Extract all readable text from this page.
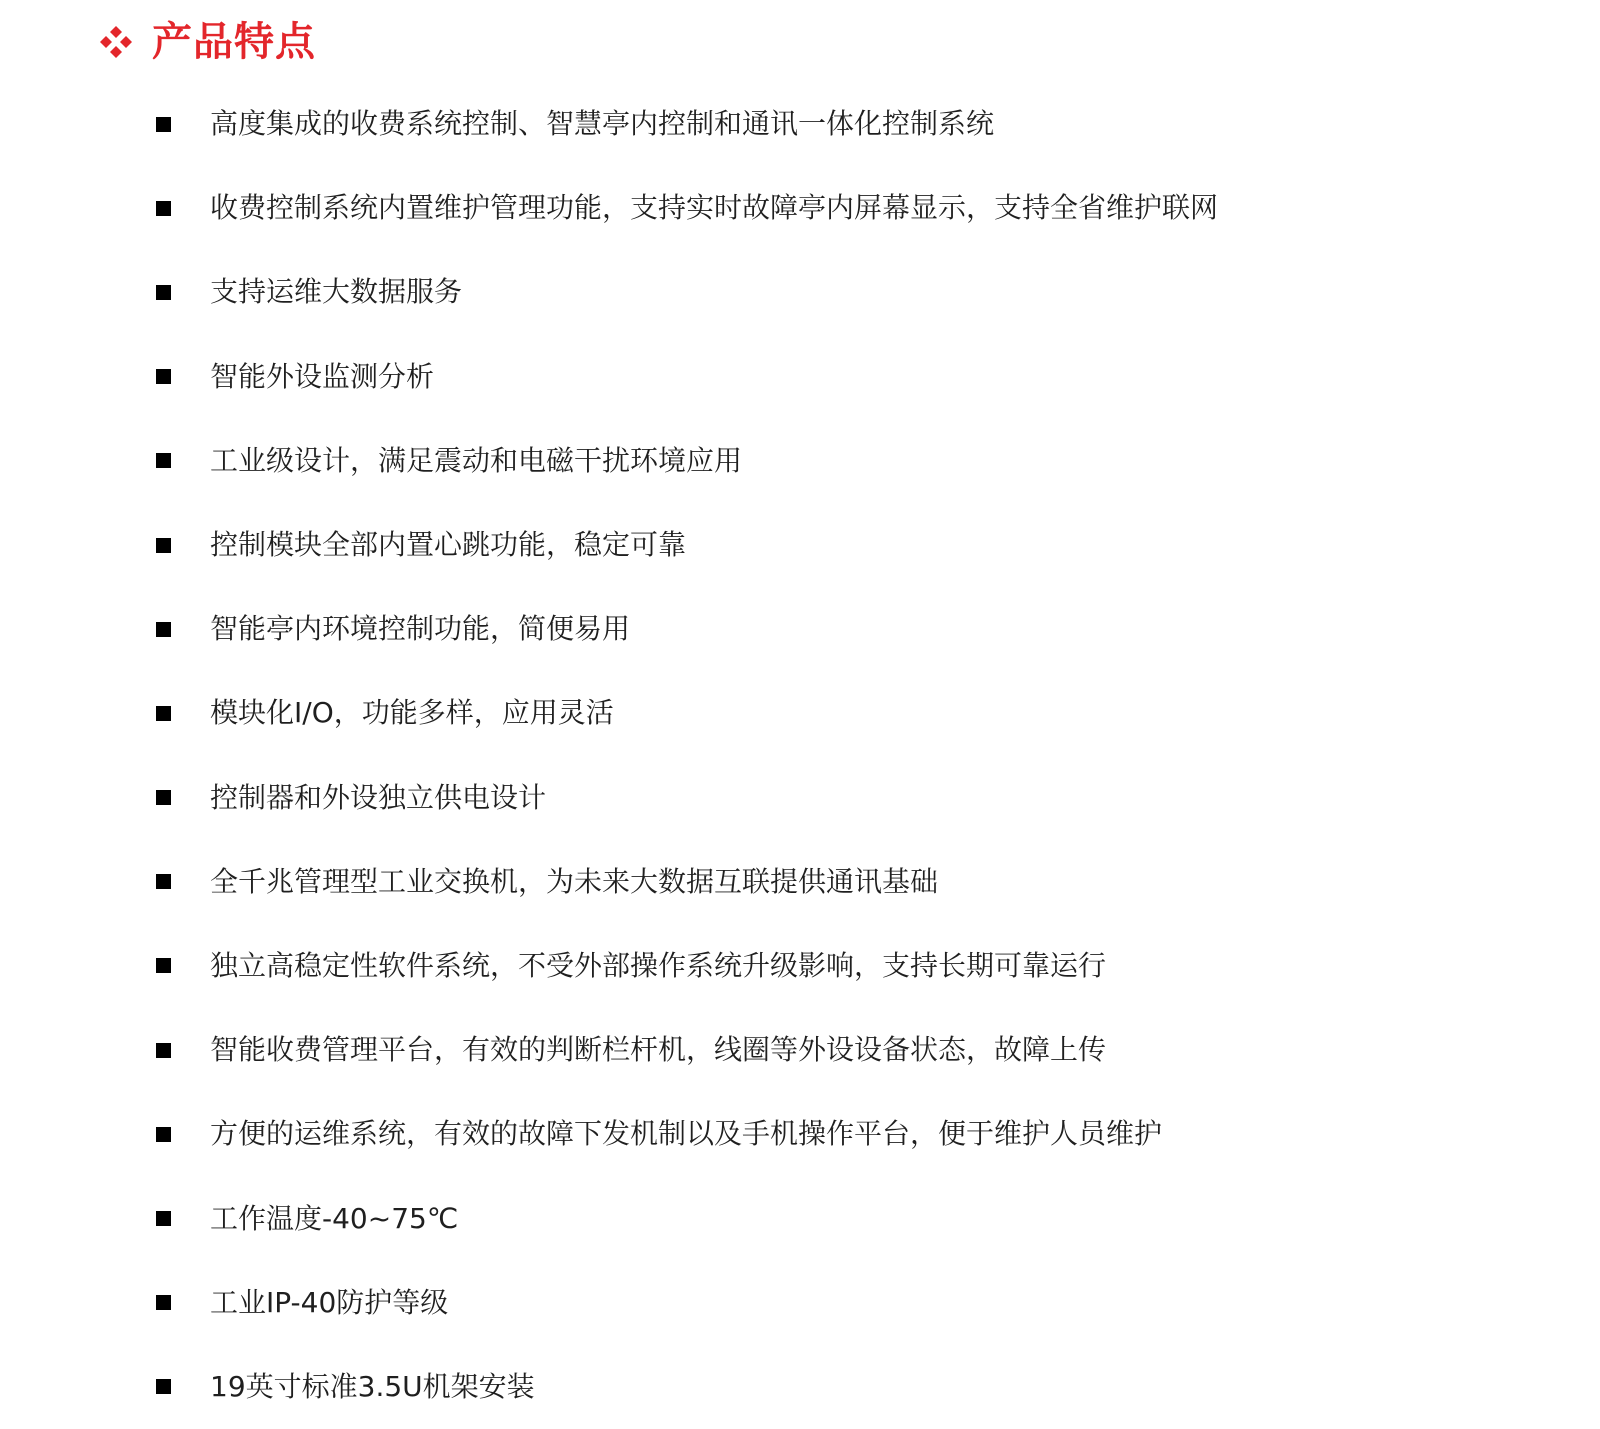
产品特点
高度集成的收费系统控制、智慧亭内控制和通讯一体化控制系统
收费控制系统内置维护管理功能，支持实时故障亭内屏幕显示，支持全省维护联网
支持运维大数据服务
智能外设监测分析
工业级设计，满足震动和电磁干扰环境应用
控制模块全部内置心跳功能，稳定可靠
智能亭内环境控制功能，简便易用
模块化I/O，功能多样，应用灵活
控制器和外设独立供电设计
全千兆管理型工业交换机，为未来大数据互联提供通讯基础
独立高稳定性软件系统，不受外部操作系统升级影响，支持长期可靠运行
智能收费管理平台，有效的判断栏杆机，线圈等外设设备状态，故障上传
方便的运维系统，有效的故障下发机制以及手机操作平台，便于维护人员维护
工作温度-40~75℃
工业IP-40防护等级
19英寸标准3.5U机架安装
